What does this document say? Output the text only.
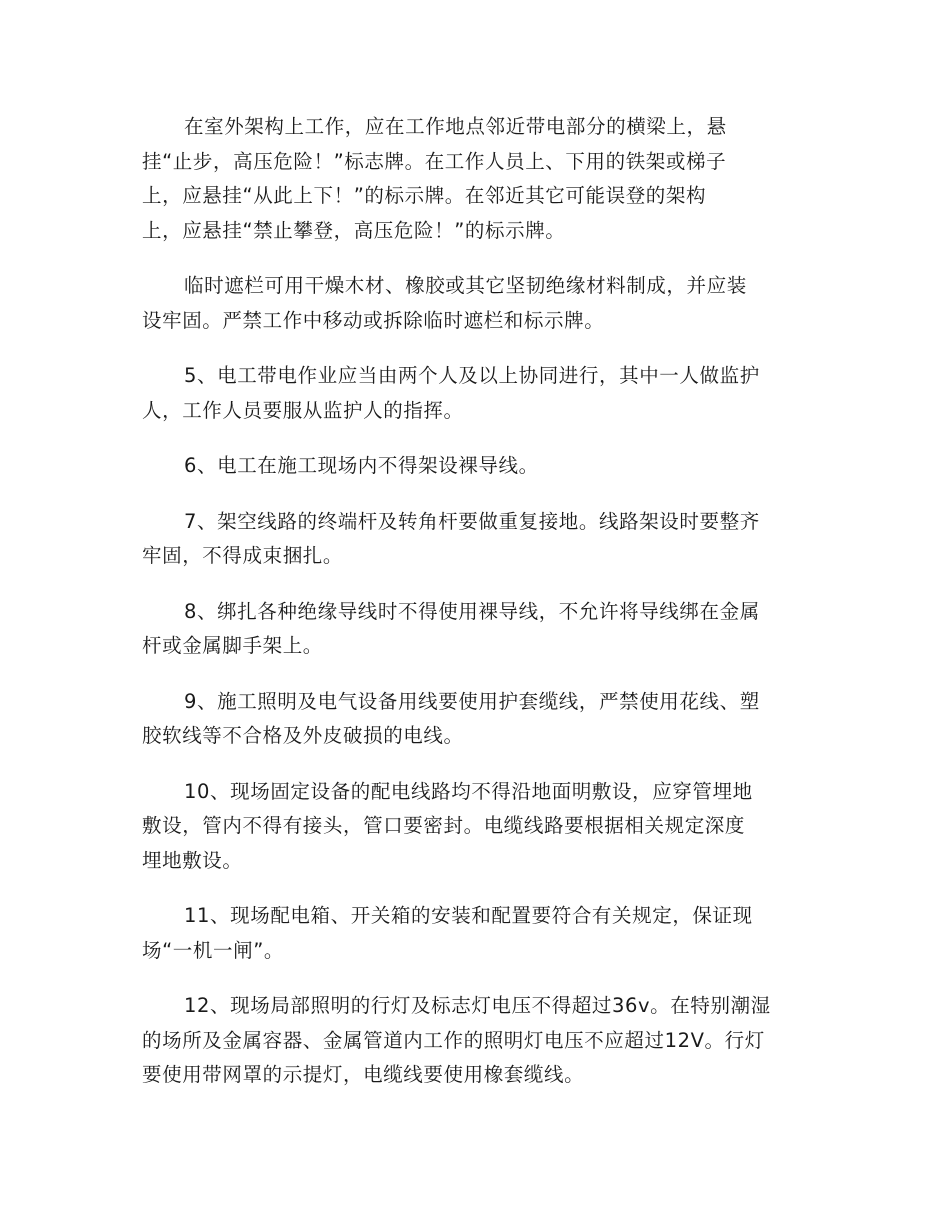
在室外架构上工作，应在工作地点邻近带电部分的横梁上，悬
挂“止步，高压危险！”标志牌。在工作人员上、下用的铁架或梯子
上，应悬挂“从此上下！”的标示牌。在邻近其它可能误登的架构
上，应悬挂“禁止攀登，高压危险！”的标示牌。

临时遮栏可用干燥木材、橡胶或其它坚韧绝缘材料制成，并应装
设牢固。严禁工作中移动或拆除临时遮栏和标示牌。

5、电工带电作业应当由两个人及以上协同进行，其中一人做监护
人，工作人员要服从监护人的指挥。

6、电工在施工现场内不得架设裸导线。

7、架空线路的终端杆及转角杆要做重复接地。线路架设时要整齐
牢固，不得成束捆扎。

8、绑扎各种绝缘导线时不得使用裸导线，不允许将导线绑在金属
杆或金属脚手架上。

9、施工照明及电气设备用线要使用护套缆线，严禁使用花线、塑
胶软线等不合格及外皮破损的电线。

10、现场固定设备的配电线路均不得沿地面明敷设，应穿管埋地
敷设，管内不得有接头，管口要密封。电缆线路要根据相关规定深度
埋地敷设。

11、现场配电箱、开关箱的安装和配置要符合有关规定，保证现
场“一机一闸”。

12、现场局部照明的行灯及标志灯电压不得超过36v。在特别潮湿
的场所及金属容器、金属管道内工作的照明灯电压不应超过12V。行灯
要使用带网罩的示提灯，电缆线要使用橡套缆线。
